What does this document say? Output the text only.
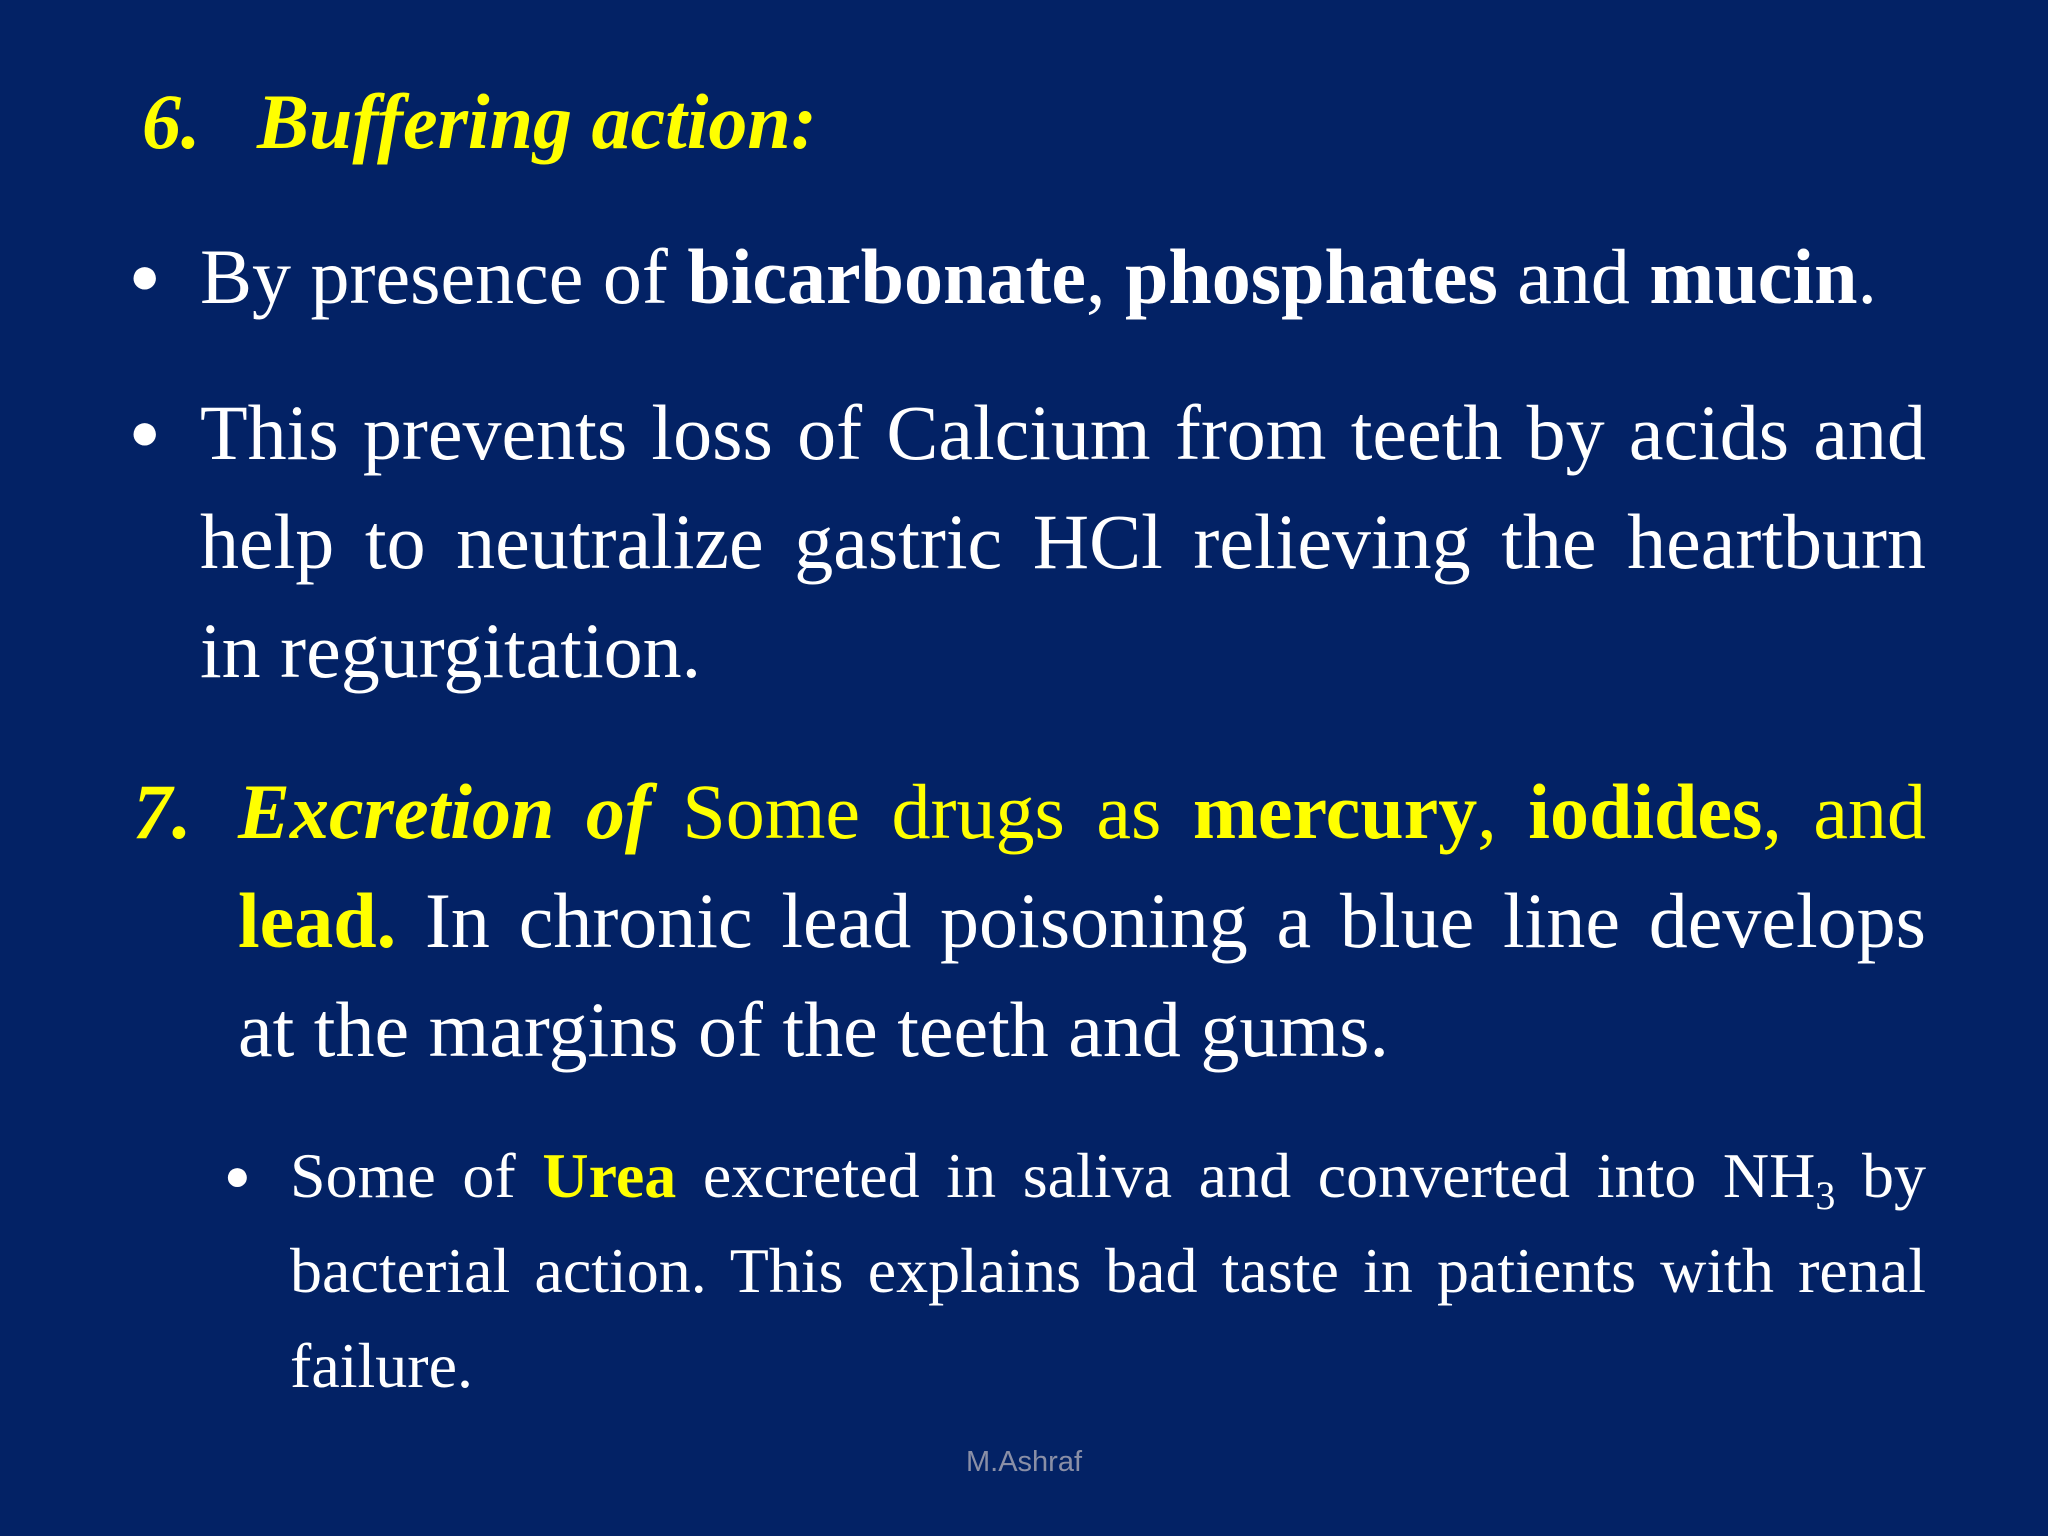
6. Buffering action:
● By presence of bicarbonate, phosphates and mucin.
● This prevents loss of Calcium from teeth by acids and help to neutralize gastric HCl relieving the heartburn in regurgitation.
7. Excretion of Some drugs as mercury, iodides, and lead. In chronic lead poisoning a blue line develops at the margins of the teeth and gums.
● Some of Urea excreted in saliva and converted into $NH_3$ by bacterial action. This explains bad taste in patients with renal failure.
M.Ashraf
